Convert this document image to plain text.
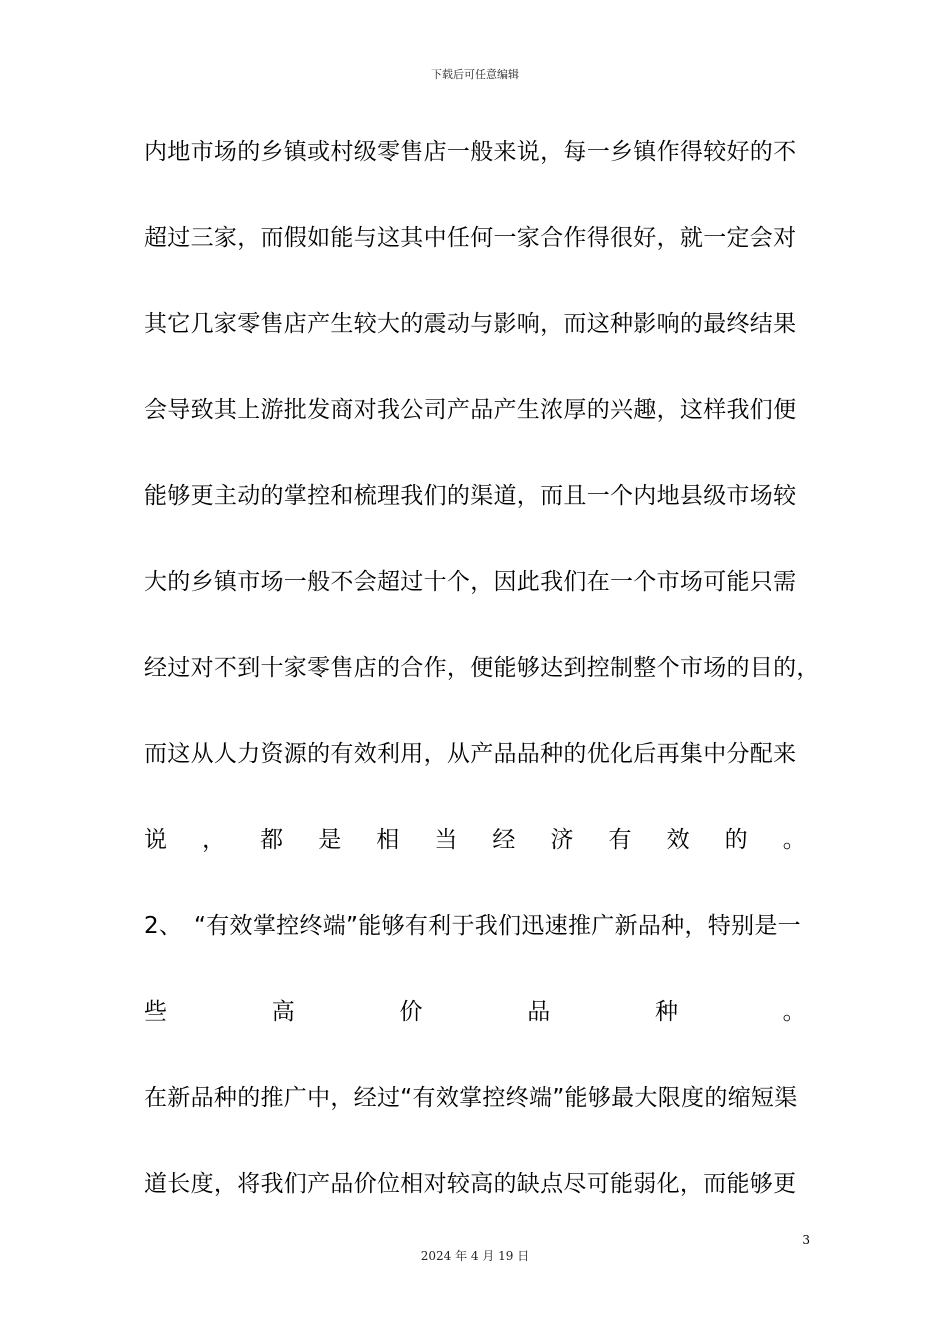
下载后可任意编辑
内地市场的乡镇或村级零售店一般来说，每一乡镇作得较好的不
超过三家，而假如能与这其中任何一家合作得很好，就一定会对
其它几家零售店产生较大的震动与影响，而这种影响的最终结果
会导致其上游批发商对我公司产品产生浓厚的兴趣，这样我们便
能够更主动的掌控和梳理我们的渠道，而且一个内地县级市场较
大的乡镇市场一般不会超过十个，因此我们在一个市场可能只需
经过对不到十家零售店的合作，便能够达到控制整个市场的目的，
而这从人力资源的有效利用，从产品品种的优化后再集中分配来
说 ， 都 是 相 当 经 济 有 效 的 。
2、　“有效掌控终端”能够有利于我们迅速推广新品种，特别是一
些	高	价	品	种	。
在新品种的推广中，经过“有效掌控终端”能够最大限度的缩短渠
道长度，将我们产品价位相对较高的缺点尽可能弱化，而能够更
3
2024 年 4 月 19 日
